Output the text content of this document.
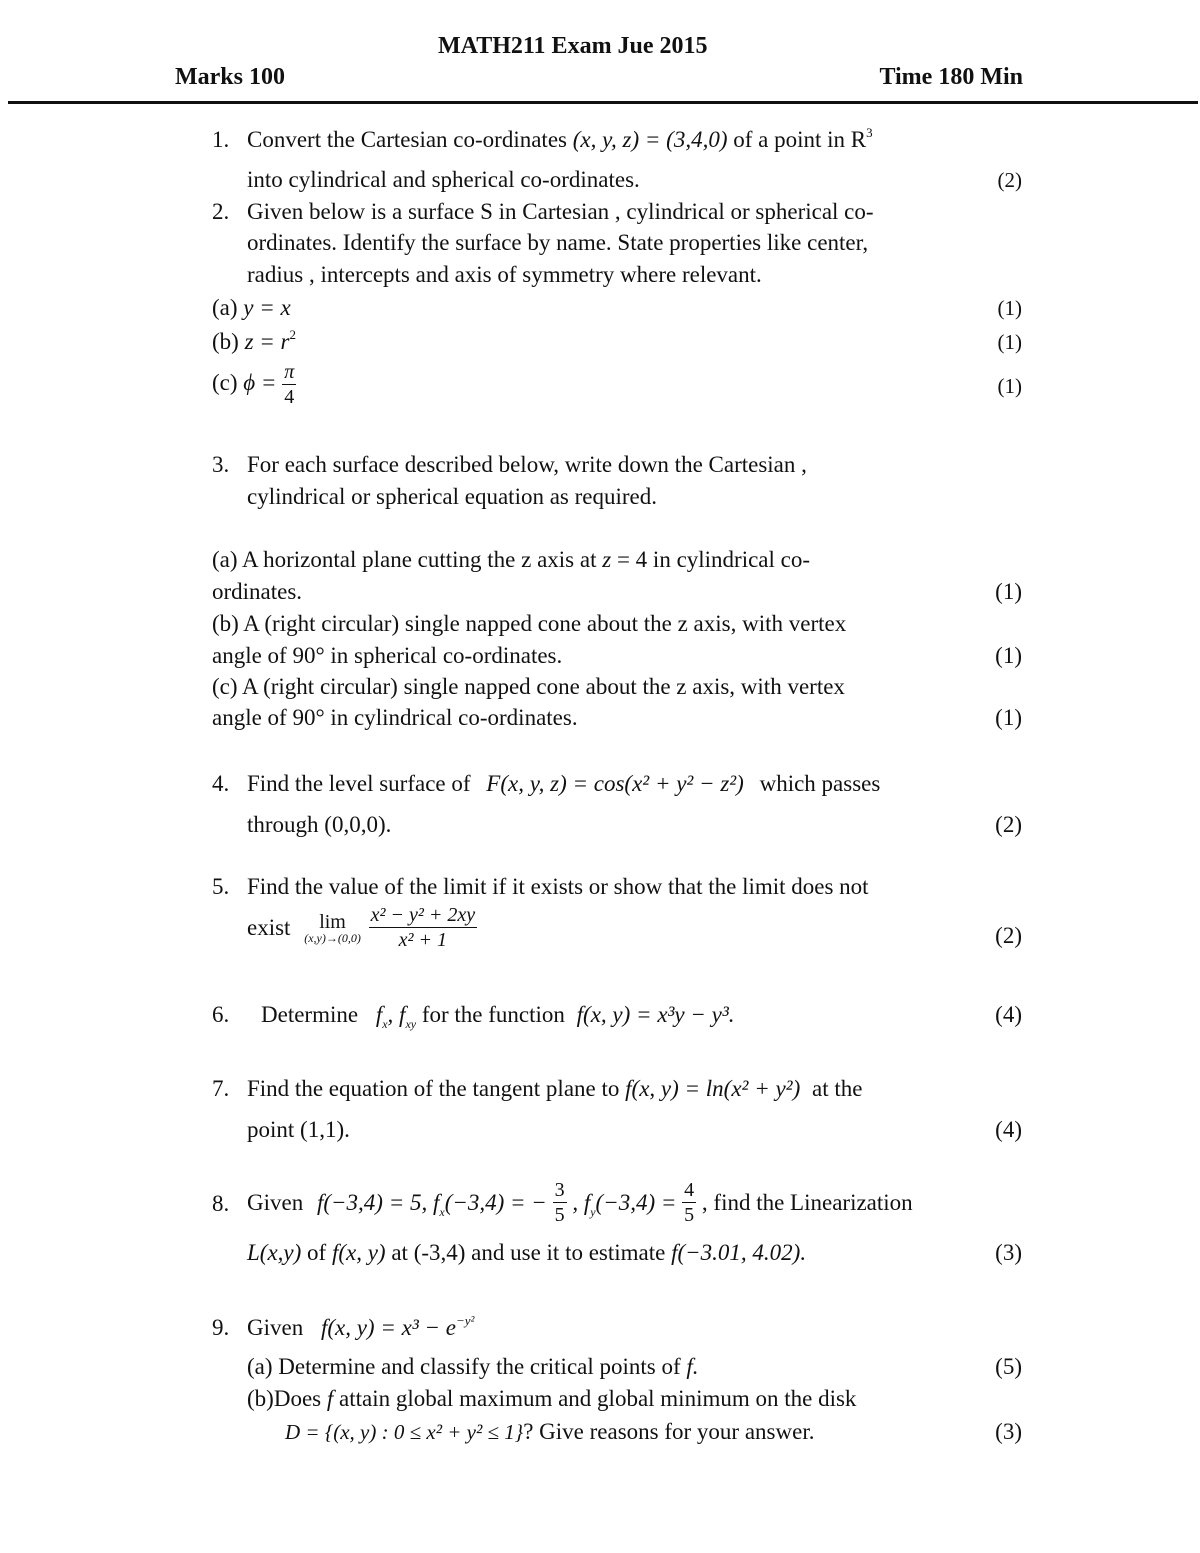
MATH211 Exam Jue 2015
Marks 100	Time 180 Min
1. Convert the Cartesian co-ordinates (x, y, z) = (3,4,0) of a point in $R^3$
into cylindrical and spherical co-ordinates.	(2)
2. Given below is a surface S in Cartesian , cylindrical or spherical co-
ordinates. Identify the surface by name. State properties like center,
radius , intercepts and axis of symmetry where relevant.
(a) y = x	(1)
(b) $z = r^2$	(1)
(c) $\phi = \frac{\pi}{4}$	(1)
3. For each surface described below, write down the Cartesian ,
cylindrical or spherical equation as required.
(a) A horizontal plane cutting the z axis at z = 4 in cylindrical co-
ordinates.	(1)
(b) A (right circular) single napped cone about the z axis, with vertex
angle of 90° in spherical co-ordinates.	(1)
(c) A (right circular) single napped cone about the z axis, with vertex
angle of 90° in cylindrical co-ordinates.	(1)
4. Find the level surface of F(x, y, z) = cos(x² + y² − z²) which passes
through (0,0,0).	(2)
5. Find the value of the limit if it exists or show that the limit does not
exist	lim
(x,y)→(0,0)
$\frac{\text{x² − y² + 2xy}}{\text{x² + 1}}$	(2)
6. Determine $f_x$, $f_{xy}$ for the function f(x, y) = x³y − y³.	(4)
7. Find the equation of the tangent plane to f(x, y) = ln(x² + y²) at the
point (1,1).	(4)
8. Given f(−3,4) = 5, $f_x(-3,4)$ = − $\frac{3}{5}$ , $f_y(-3,4) = \frac{4}{5}$ , find the Linearization
L(x,y) of f(x, y) at (-3,4) and use it to estimate f(−3.01, 4.02).	(3)
9. Given f(x, $y) = x^3 - e^{-y^2}$
(a) Determine and classify the critical points of f.	(5)
(b)Does f attain global maximum and global minimum on the disk
D = {(x, y) : 0 ≤ x² + y² ≤ 1}? Give reasons for your answer.	(3)
